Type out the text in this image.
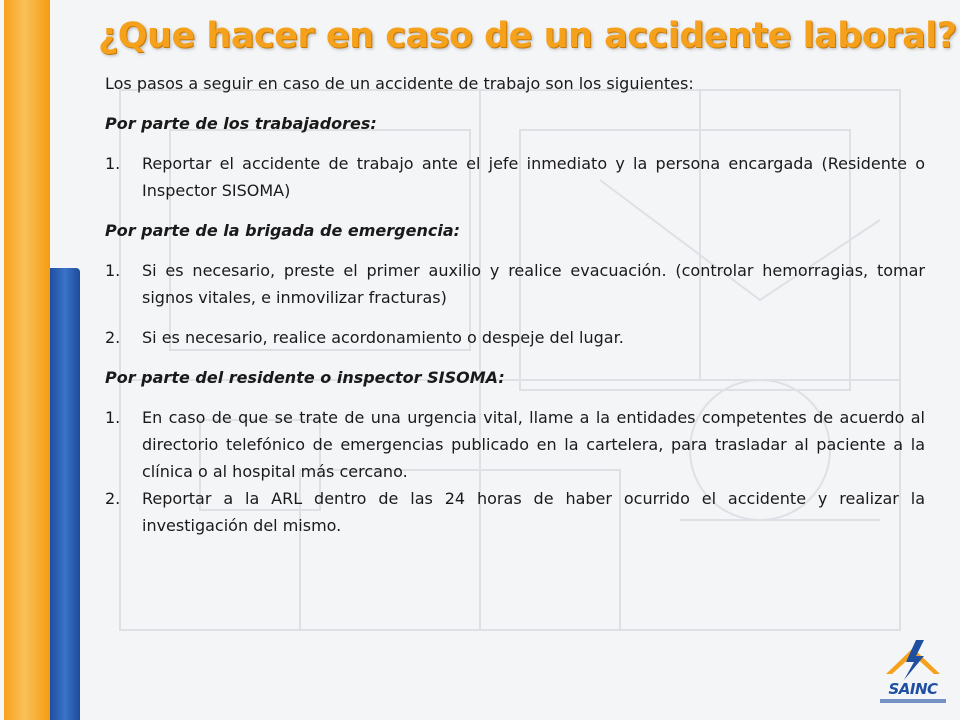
¿Que hacer en caso de un accidente laboral?

Los pasos a seguir en caso de un accidente de trabajo son los siguientes:

Por parte de los trabajadores:

1.	Reportar el accidente de trabajo ante el jefe inmediato y la persona encargada (Residente o Inspector SISOMA)

Por parte de la brigada de emergencia:

1.	Si es necesario, preste el primer auxilio y realice evacuación. (controlar hemorragias, tomar signos vitales, e inmovilizar fracturas)
2.	Si es necesario, realice acordonamiento o despeje del lugar.

Por parte del residente o inspector SISOMA:

1.	En caso de que se trate de una urgencia vital, llame a la entidades competentes de acuerdo al directorio telefónico de emergencias publicado en la cartelera, para trasladar al paciente a la clínica o al hospital más cercano.
2.	Reportar a la ARL dentro de las 24 horas de haber ocurrido el accidente y realizar la investigación del mismo.
SAINC
